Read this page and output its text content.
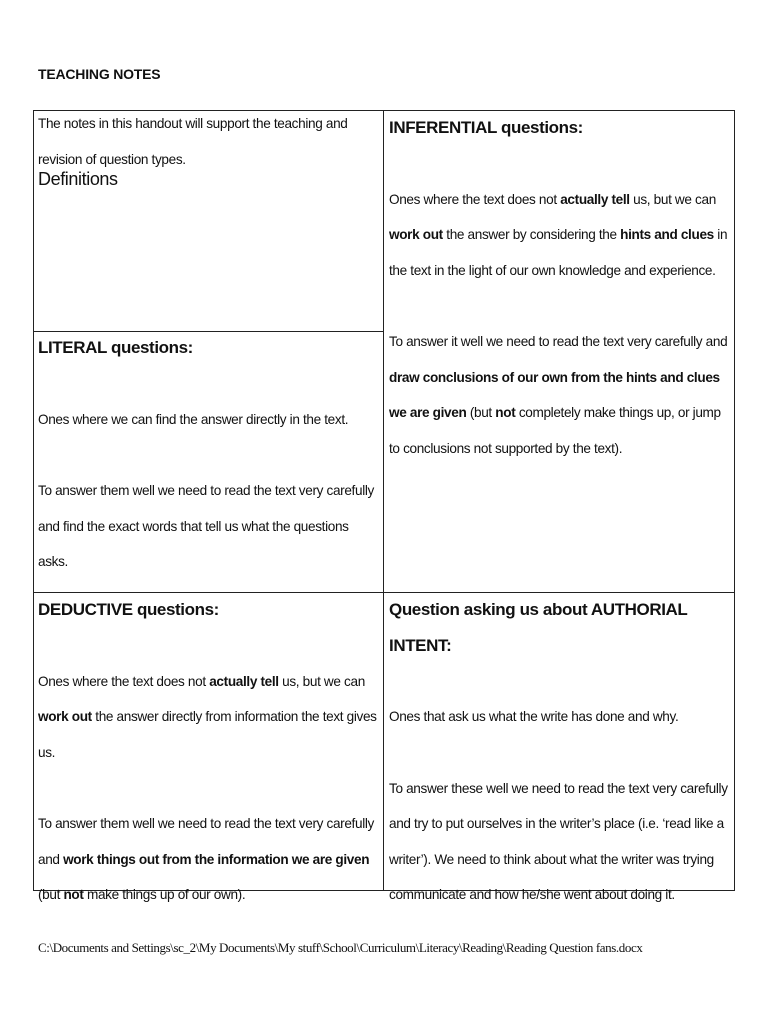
TEACHING NOTES

The notes in this handout will support the teaching and revision of question types.

Definitions

INFERENTIAL questions:

Ones where the text does not actually tell us, but we can work out the answer by considering the hints and clues in the text in the light of our own knowledge and experience.

To answer it well we need to read the text very carefully and draw conclusions of our own from the hints and clues we are given (but not completely make things up, or jump to conclusions not supported by the text).

LITERAL questions:

Ones where we can find the answer directly in the text.

To answer them well we need to read the text very carefully and find the exact words that tell us what the questions asks.

DEDUCTIVE questions:

Ones where the text does not actually tell us, but we can work out the answer directly from information the text gives us.

To answer them well we need to read the text very carefully and work things out from the information we are given (but not make things up of our own).

Question asking us about AUTHORIAL INTENT:

Ones that ask us what the write has done and why.

To answer these well we need to read the text very carefully and try to put ourselves in the writer’s place (i.e. ‘read like a writer’). We need to think about what the writer was trying communicate and how he/she went about doing it.

C:\Documents and Settings\sc_2\My Documents\My stuff\School\Curriculum\Literacy\Reading\Reading Question fans.docx
